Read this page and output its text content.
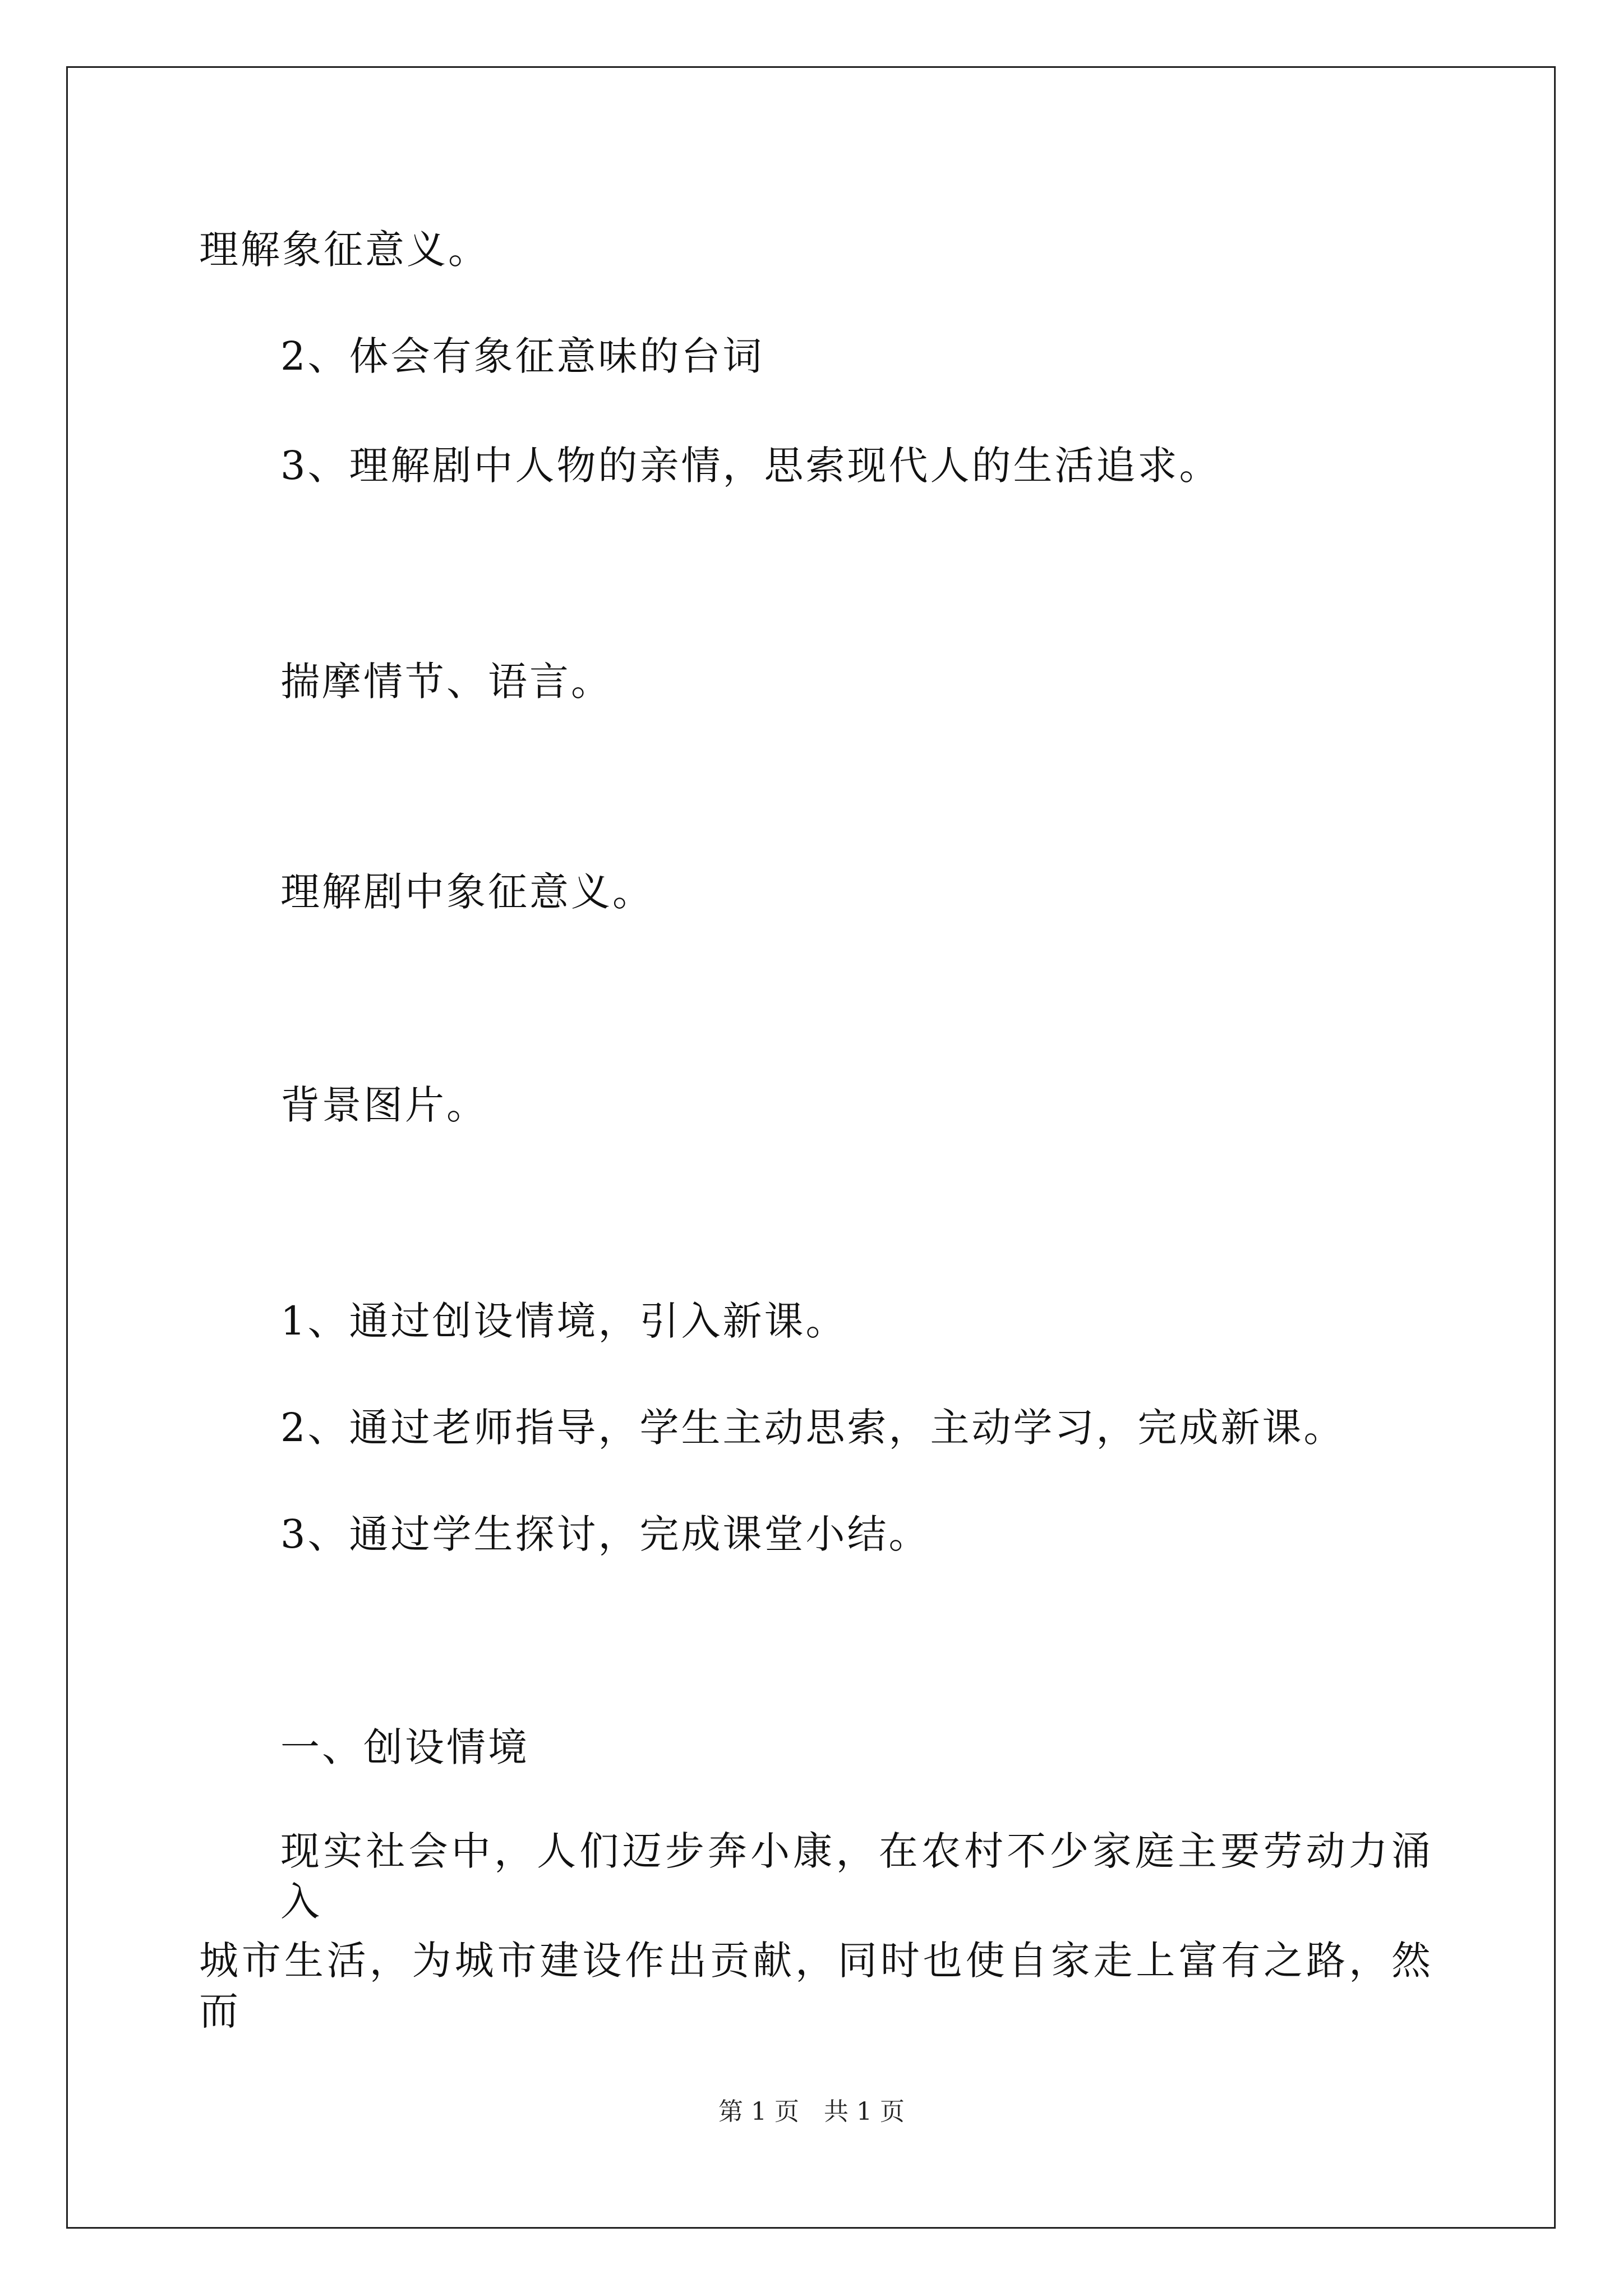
理解象征意义。
2、体会有象征意味的台词
3、理解剧中人物的亲情，思索现代人的生活追求。
揣摩情节、语言。
理解剧中象征意义。
背景图片。
1、通过创设情境，引入新课。
2、通过老师指导，学生主动思索，主动学习，完成新课。
3、通过学生探讨，完成课堂小结。
一、创设情境
现实社会中，人们迈步奔小康，在农村不少家庭主要劳动力涌入
城市生活，为城市建设作出贡献，同时也使自家走上富有之路，然而
第 1 页　共 1 页
